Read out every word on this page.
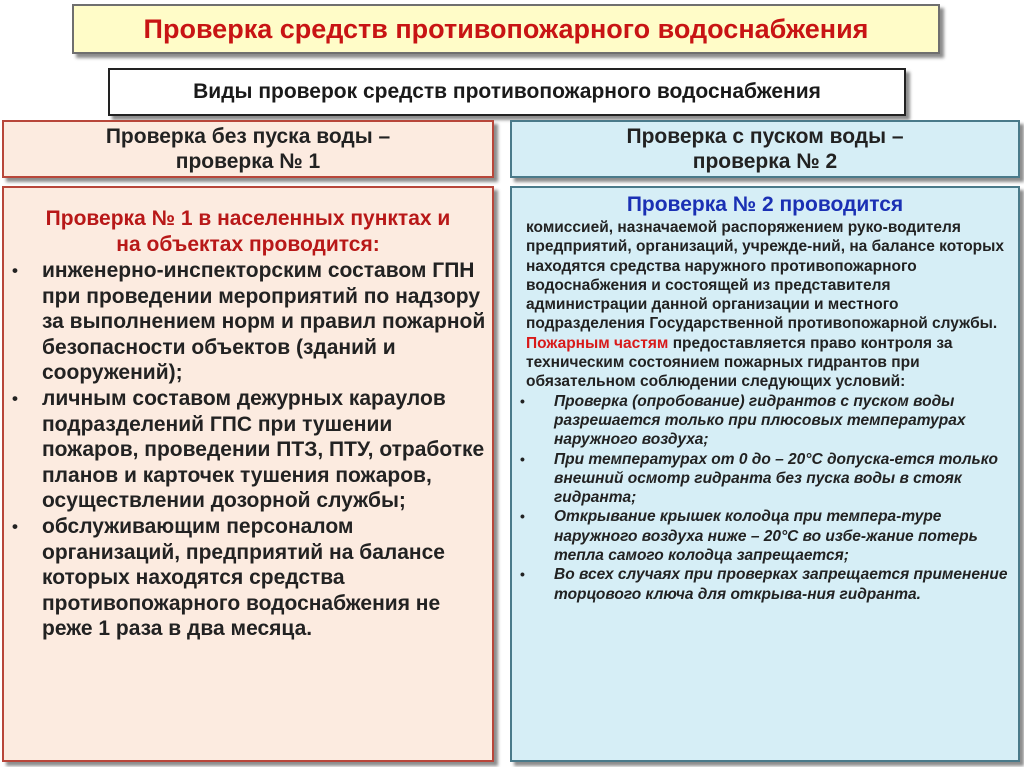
Проверка средств противопожарного водоснабжения
Виды проверок средств противопожарного водоснабжения
Проверка без пуска воды –
проверка № 1
Проверка с пуском воды –
проверка № 2
Проверка № 1 в населенных пунктах и
на объектах проводится:
• инженерно-инспекторским составом ГПН при проведении мероприятий по надзору за выполнением норм и правил пожарной безопасности объектов (зданий и сооружений);
• личным составом дежурных караулов подразделений ГПС при тушении пожаров, проведении ПТЗ, ПТУ, отработке планов и карточек тушения пожаров, осуществлении дозорной службы;
• обслуживающим персоналом организаций, предприятий на балансе которых находятся средства противопожарного водоснабжения не реже 1 раза в два месяца.
Проверка № 2 проводится

комиссией, назначаемой распоряжением руко-водителя предприятий, организаций, учрежде-ний, на балансе которых находятся средства наружного противопожарного водоснабжения и состоящей из представителя администрации данной организации и местного подразделения Государственной противопожарной службы.

Пожарным частям предоставляется право контроля за техническим состоянием пожарных гидрантов при обязательном соблюдении следующих условий:

• Проверка (опробование) гидрантов с пуском воды разрешается только при плюсовых температурах наружного воздуха;
• При температурах от 0 до – 20°С допуска-ется только внешний осмотр гидранта без пуска воды в стояк гидранта;
• Открывание крышек колодца при темпера-туре наружного воздуха ниже – 20°С во избе-жание потерь тепла самого колодца запрещается;
• Во всех случаях при проверках запрещается применение торцового ключа для открыва-ния гидранта.
